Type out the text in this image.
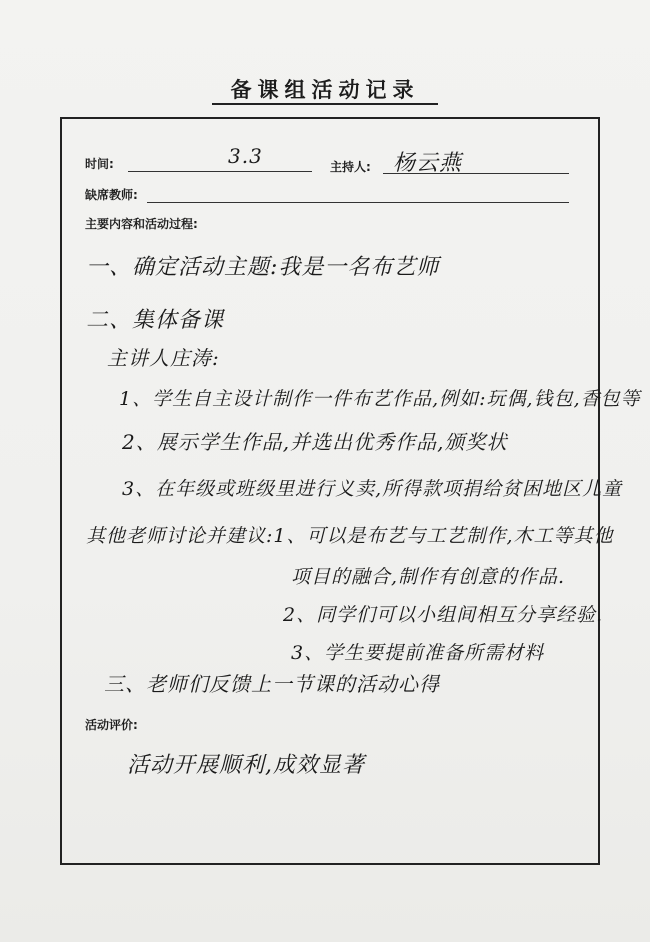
备课组活动记录
时间:	3.3	主持人: 杨云燕
缺席教师:
主要内容和活动过程:
一、确定活动主题:我是一名布艺师
二、集体备课
主讲人庄涛:
1、学生自主设计制作一件布艺作品,例如:玩偶,钱包,香包等
2、展示学生作品,并选出优秀作品,颁奖状
3、在年级或班级里进行义卖,所得款项捐给贫困地区儿童
其他老师讨论并建议:1、可以是布艺与工艺制作,木工等其他
项目的融合,制作有创意的作品.
2、同学们可以小组间相互分享经验.
3、学生要提前准备所需材料
三、老师们反馈上一节课的活动心得
活动评价:
活动开展顺利,成效显著
